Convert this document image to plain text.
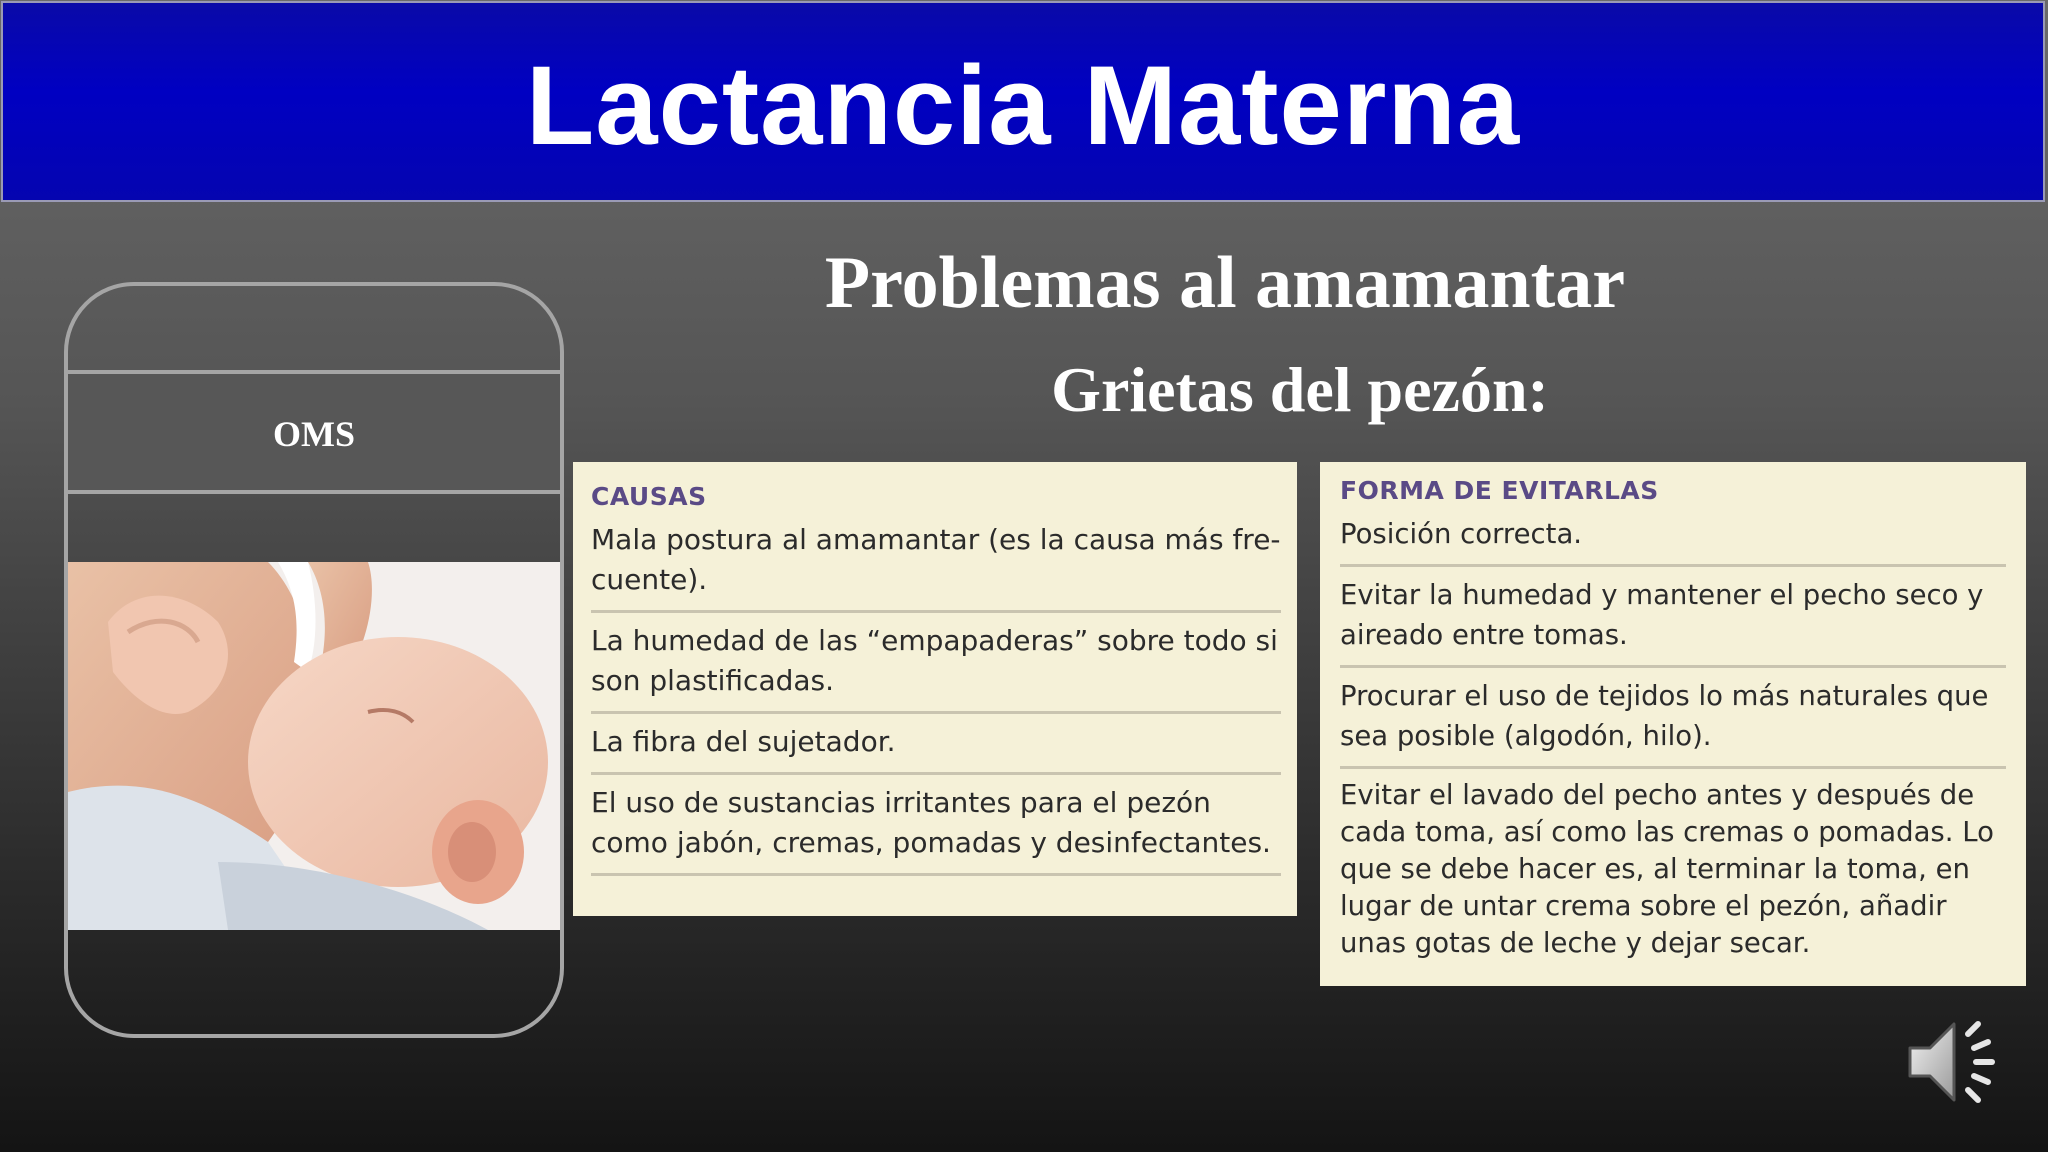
Lactancia Materna
Problemas al amamantar
Grietas del pezón:
OMS
CAUSAS
Mala postura al amamantar (es la causa más fre-cuente).
La humedad de las “empapaderas” sobre todo si son plastificadas.
La fibra del sujetador.
El uso de sustancias irritantes para el pezón como jabón, cremas, pomadas y desinfectantes.
FORMA DE EVITARLAS
Posición correcta.
Evitar la humedad y mantener el pecho seco y aireado entre tomas.
Procurar el uso de tejidos lo más naturales que sea posible (algodón, hilo).
Evitar el lavado del pecho antes y después de cada toma, así como las cremas o pomadas. Lo que se debe hacer es, al terminar la toma, en lugar de untar crema sobre el pezón, añadir unas gotas de leche y dejar secar.
